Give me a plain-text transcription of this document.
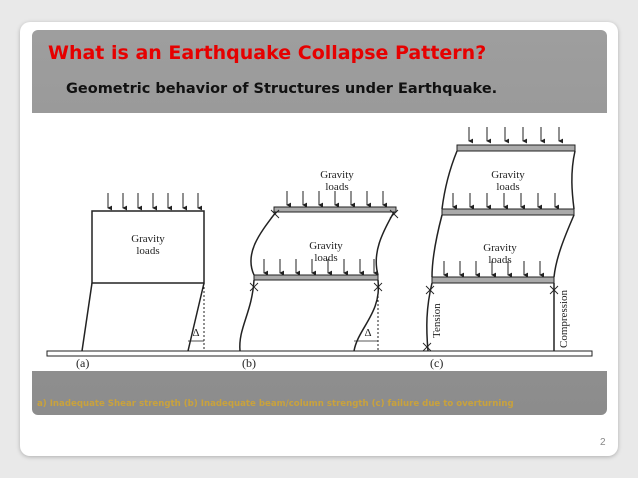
What is an Earthquake Collapse Pattern?
Geometric behavior of Structures under Earthquake.
Gravity
loads
Δ
(a)
Gravity
loads
Gravity
loads
Δ
(b)
Gravity
loads
Gravity
loads
Tension	Compression
(c)

a) Inadequate Shear strength (b) Inadequate beam/column strength (c) failure due to overturning

2
